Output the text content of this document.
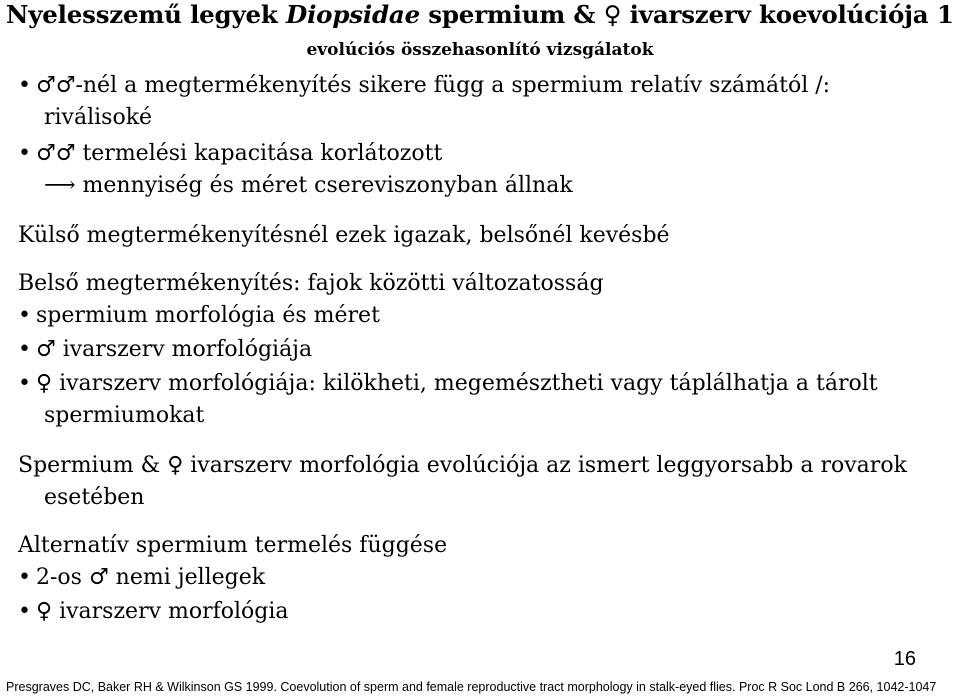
Nyelesszemű legyek Diopsidae spermium & ♀ ivarszerv koevolúciója 1
evolúciós összehasonlító vizsgálatok
• ♂♂-nél a megtermékenyítés sikere függ a spermium relatív számától /:
riválisoké
• ♂♂ termelési kapacitása korlátozott
⟶ mennyiség és méret csereviszonyban állnak
Külső megtermékenyítésnél ezek igazak, belsőnél kevésbé
Belső megtermékenyítés: fajok közötti változatosság
• spermium morfológia és méret
• ♂ ivarszerv morfológiája
• ♀ ivarszerv morfológiája: kilökheti, megemésztheti vagy táplálhatja a tárolt
spermiumokat
Spermium & ♀ ivarszerv morfológia evolúciója az ismert leggyorsabb a rovarok
esetében
Alternatív spermium termelés függése
• 2-os ♂ nemi jellegek
• ♀ ivarszerv morfológia
16
Presgraves DC, Baker RH & Wilkinson GS 1999. Coevolution of sperm and female reproductive tract morphology in stalk-eyed flies. Proc R Soc Lond B 266, 1042-1047
